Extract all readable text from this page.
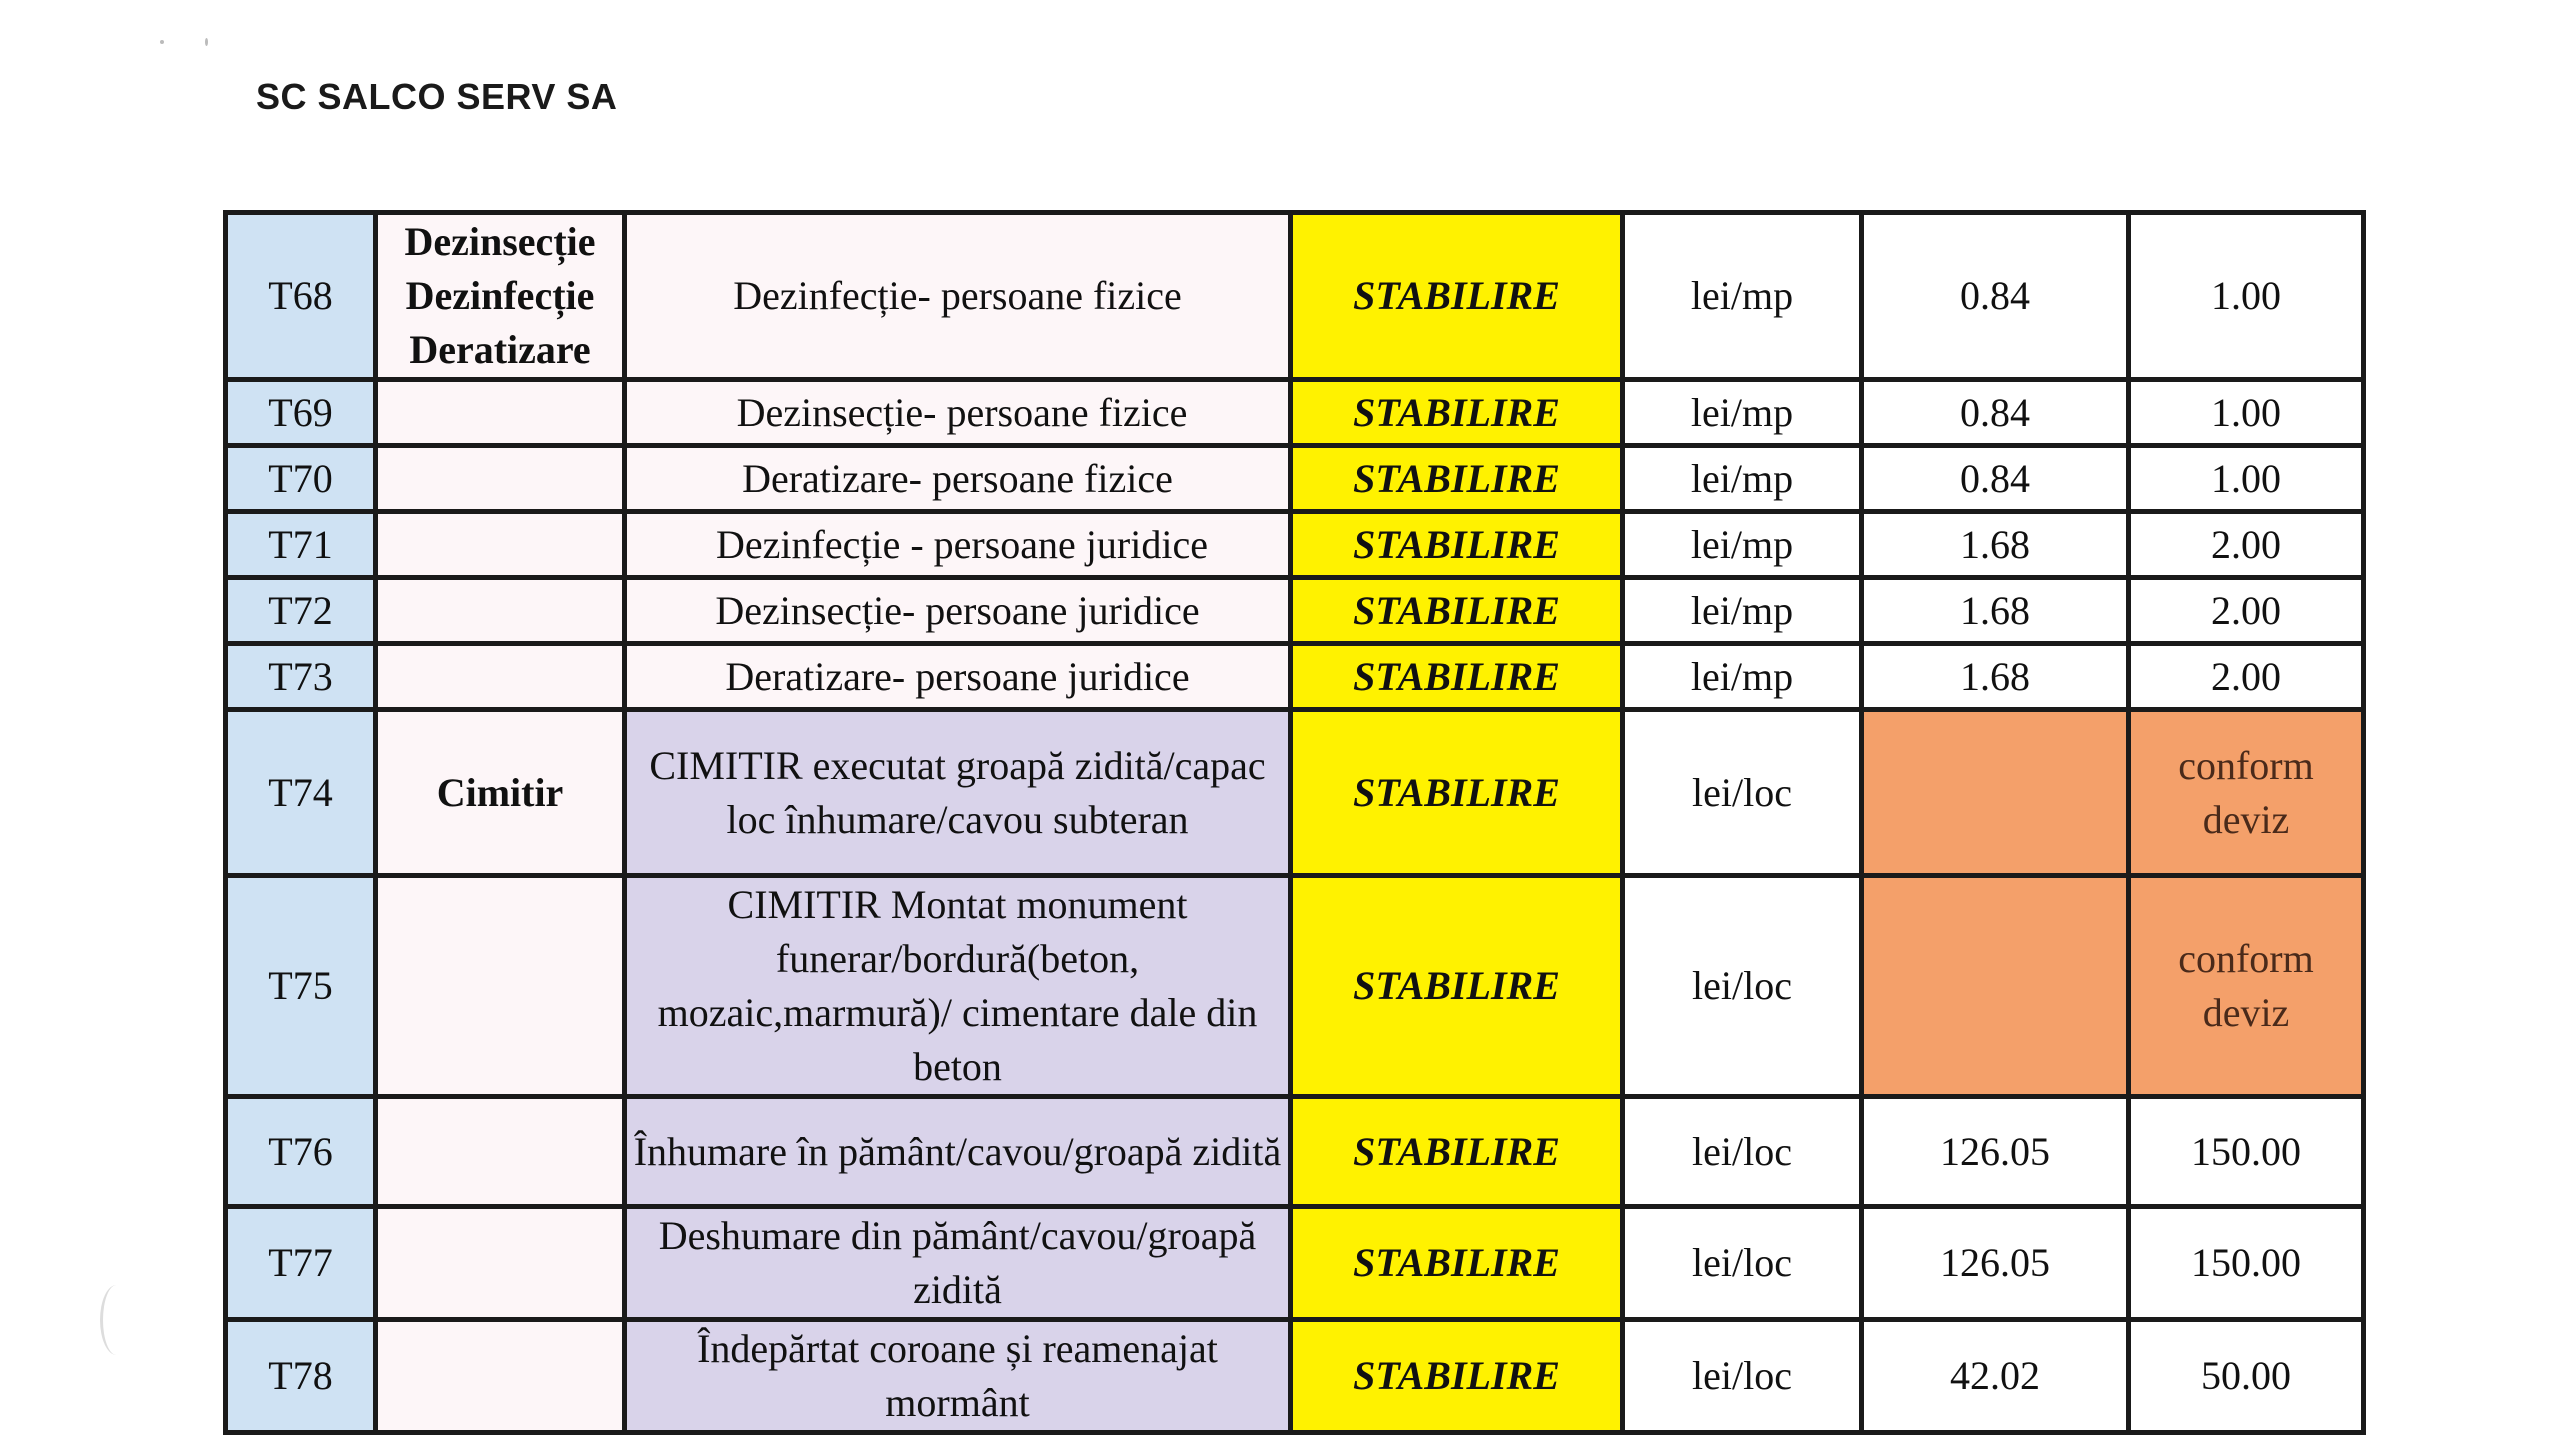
SC SALCO SERV SA
T68	Dezinsecție Dezinfecție Deratizare	Dezinfecție- persoane fizice	STABILIRE	lei/mp	0.84	1.00
T69		Dezinsecție- persoane fizice	STABILIRE	lei/mp	0.84	1.00
T70		Deratizare- persoane fizice	STABILIRE	lei/mp	0.84	1.00
T71		Dezinfecție - persoane juridice	STABILIRE	lei/mp	1.68	2.00
T72		Dezinsecție- persoane juridice	STABILIRE	lei/mp	1.68	2.00
T73		Deratizare- persoane juridice	STABILIRE	lei/mp	1.68	2.00
T74	Cimitir	CIMITIR executat groapă zidită/capac loc înhumare/cavou subteran	STABILIRE	lei/loc		conform deviz
T75		CIMITIR Montat monument funerar/bordură(beton, mozaic,marmură)/ cimentare dale din beton	STABILIRE	lei/loc		conform deviz
T76		Înhumare în pământ/cavou/groapă zidită	STABILIRE	lei/loc	126.05	150.00
T77		Deshumare din pământ/cavou/groapă zidită	STABILIRE	lei/loc	126.05	150.00
T78		Îndepărtat coroane și reamenajat mormânt	STABILIRE	lei/loc	42.02	50.00
